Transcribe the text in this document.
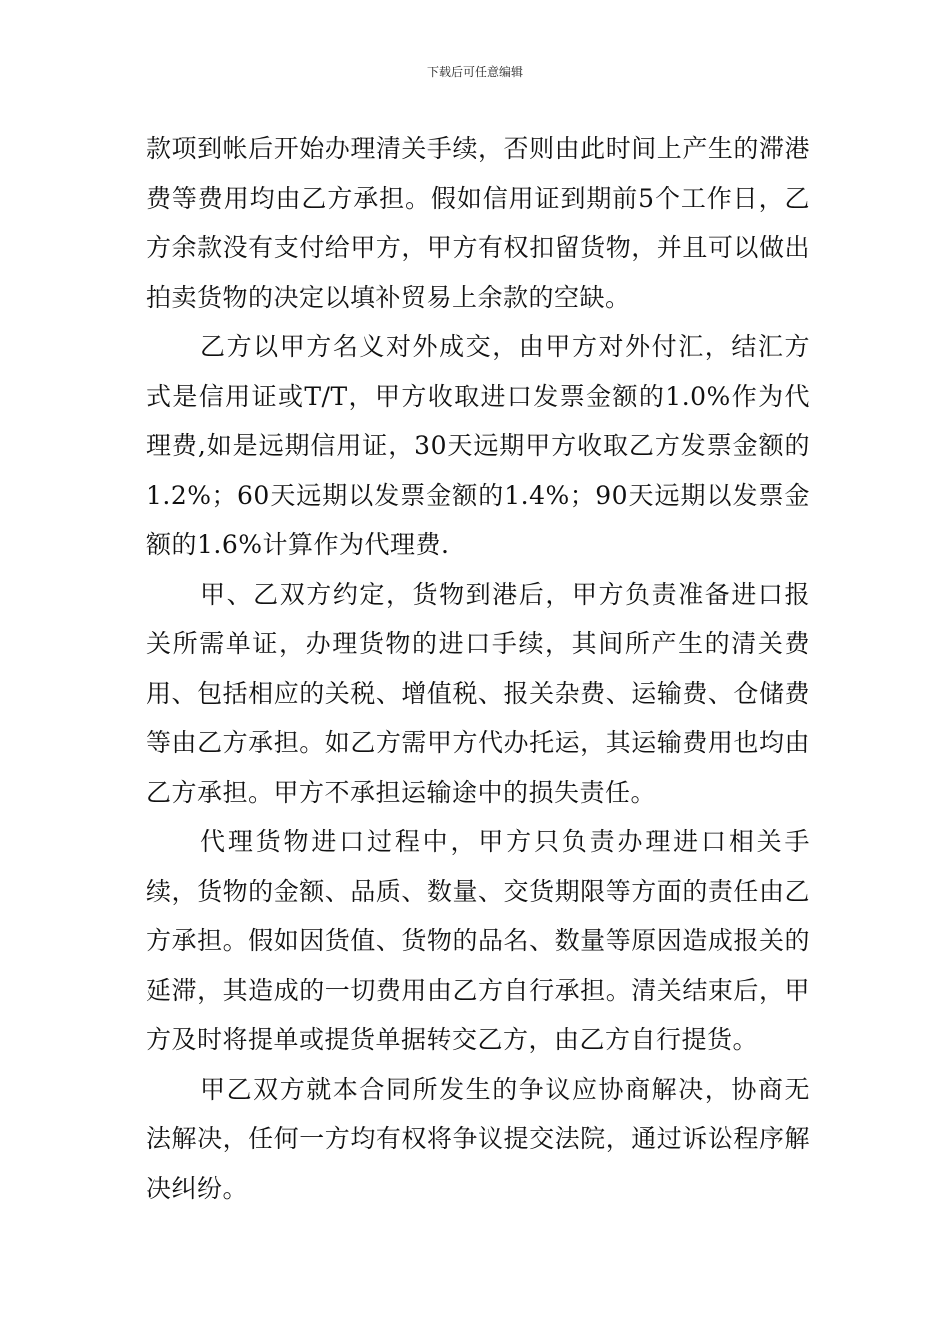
下载后可任意编辑

款项到帐后开始办理清关手续，否则由此时间上产生的滞港费等费用均由乙方承担。假如信用证到期前5个工作日，乙方余款没有支付给甲方，甲方有权扣留货物，并且可以做出拍卖货物的决定以填补贸易上余款的空缺。

乙方以甲方名义对外成交，由甲方对外付汇，结汇方式是信用证或T/T，甲方收取进口发票金额的1.0%作为代理费,如是远期信用证，30天远期甲方收取乙方发票金额的1.2%；60天远期以发票金额的1.4%；90天远期以发票金额的1.6%计算作为代理费.

甲、乙双方约定，货物到港后，甲方负责准备进口报关所需单证，办理货物的进口手续，其间所产生的清关费用、包括相应的关税、增值税、报关杂费、运输费、仓储费等由乙方承担。如乙方需甲方代办托运，其运输费用也均由乙方承担。甲方不承担运输途中的损失责任。

代理货物进口过程中，甲方只负责办理进口相关手续，货物的金额、品质、数量、交货期限等方面的责任由乙方承担。假如因货值、货物的品名、数量等原因造成报关的延滞，其造成的一切费用由乙方自行承担。清关结束后，甲方及时将提单或提货单据转交乙方，由乙方自行提货。

甲乙双方就本合同所发生的争议应协商解决，协商无法解决，任何一方均有权将争议提交法院，通过诉讼程序解决纠纷。
